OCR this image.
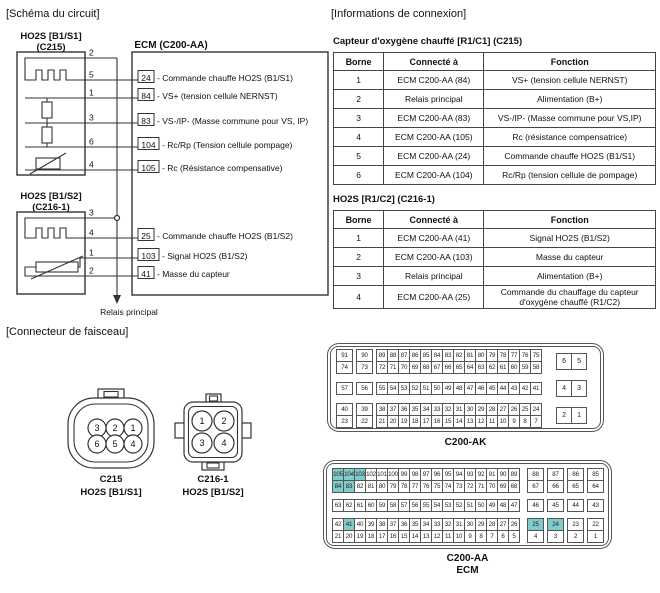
[Schéma du circuit]	[Informations de connexion]
[Connecteur de faisceau]
HO2S [B1/S1]
(C215)
HO2S [B1/S2]
(C216-1)
ECM (C200-AA)
Relais principal
24 - Commande chauffe HO2S (B1/S1)
84 - VS+ (tension cellule NERNST)
83 - VS-/IP- (Masse commune pour VS, IP)
104 - Rc/Rp (Tension cellule pompage)
105 - Rc (Résistance compensative)
25 - Commande chauffe HO2S (B1/S2)
103 - Signal HO2S (B1/S2)
41 - Masse du capteur
2
5
1
3
6
4
3
4
1
2
3 2 1
6 5 4
C215
HO2S [B1/S1]
1 2
3 4
C216-1
HO2S [B1/S2]
Capteur d'oxygène chauffé [R1/C1] (C215)
Borne	Connecté à	Fonction
1	ECM C200-AA (84)	VS+ (tension cellule NERNST)
2	Relais principal	Alimentation (B+)
3	ECM C200-AA (83)	VS-/IP- (Masse commune pour VS,IP)
4	ECM C200-AA (105)	Rc (résistance compensatrice)
5	ECM C200-AA (24)	Commande chauffe HO2S (B1/S1)
6	ECM C200-AA (104)	Rc/Rp (tension cellule de pompage)
HO2S [R1/C2] (C216-1)
Borne	Connecté à	Fonction
1	ECM C200-AA (41)	Signal HO2S (B1/S2)
2	ECM C200-AA (103)	Masse du capteur
3	Relais principal	Alimentation (B+)
4	ECM C200-AA (25)	Commande du chauffage du capteur d'oxygène chauffé (R1/C2)
91
74
90
73
89 88 87 86 85 84 83 82 81 80 79 78 77 76 75
72 71 70 69 68 67 66 65 64 63 62 61 60 59 58
6	5
57	56	55 54 53 52 51 50 49 48 47 46 45 44 43 42 41	4	3
40
23
39
22
38 37 36 35 34 33 32 31 30 29 28 27 26 25 24
21 20 19 18 17 16 15 14 13 12 11 10 9	8	7
2	1
C200-AK
105 104 103 102 101 100 99 98 97 96 95 94 93 92 91 90 89
84 83 82 81 80 79 78 77 76 75 74 73 72 71 70 69 68
88
67
87
66
86
65
85
64
63 62 61 60 59 58 57 56 55 54 53 52 51 50 49 48 47	46	45	44	43
42 41 40 39 38 37 36 35 34 33 32 31 30 29 28 27 26
21 20 19 18 17 16 15 14 13 12 11 10 9	8	7	6	5
25
4
24
3
23
2
22
1
C200-AA
ECM
